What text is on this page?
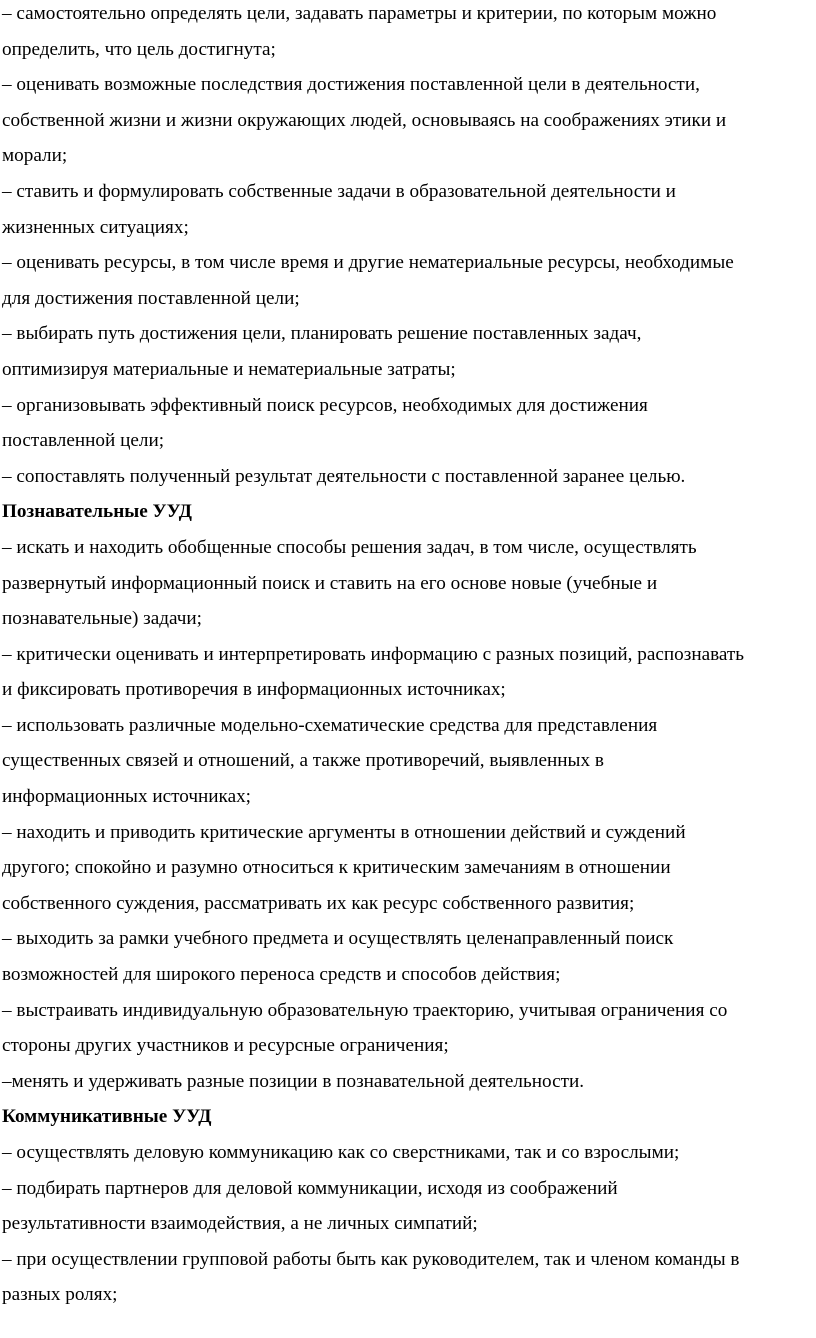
– самостоятельно определять цели, задавать параметры и критерии, по которым можно
определить, что цель достигнута;
– оценивать возможные последствия достижения поставленной цели в деятельности,
собственной жизни и жизни окружающих людей, основываясь на соображениях этики и
морали;
– ставить и формулировать собственные задачи в образовательной деятельности и
жизненных ситуациях;
– оценивать ресурсы, в том числе время и другие нематериальные ресурсы, необходимые
для достижения поставленной цели;
– выбирать путь достижения цели, планировать решение поставленных задач,
оптимизируя материальные и нематериальные затраты;
– организовывать эффективный поиск ресурсов, необходимых для достижения
поставленной цели;
– сопоставлять полученный результат деятельности с поставленной заранее целью.
Познавательные УУД
– искать и находить обобщенные способы решения задач, в том числе, осуществлять
развернутый информационный поиск и ставить на его основе новые (учебные и
познавательные) задачи;
– критически оценивать и интерпретировать информацию с разных позиций, распознавать
и фиксировать противоречия в информационных источниках;
– использовать различные модельно-схематические средства для представления
существенных связей и отношений, а также противоречий, выявленных в
информационных источниках;
– находить и приводить критические аргументы в отношении действий и суждений
другого; спокойно и разумно относиться к критическим замечаниям в отношении
собственного суждения, рассматривать их как ресурс собственного развития;
– выходить за рамки учебного предмета и осуществлять целенаправленный поиск
возможностей для широкого переноса средств и способов действия;
– выстраивать индивидуальную образовательную траекторию, учитывая ограничения со
стороны других участников и ресурсные ограничения;
–менять и удерживать разные позиции в познавательной деятельности.
Коммуникативные УУД
– осуществлять деловую коммуникацию как со сверстниками, так и со взрослыми;
– подбирать партнеров для деловой коммуникации, исходя из соображений
результативности взаимодействия, а не личных симпатий;
– при осуществлении групповой работы быть как руководителем, так и членом команды в
разных ролях;
